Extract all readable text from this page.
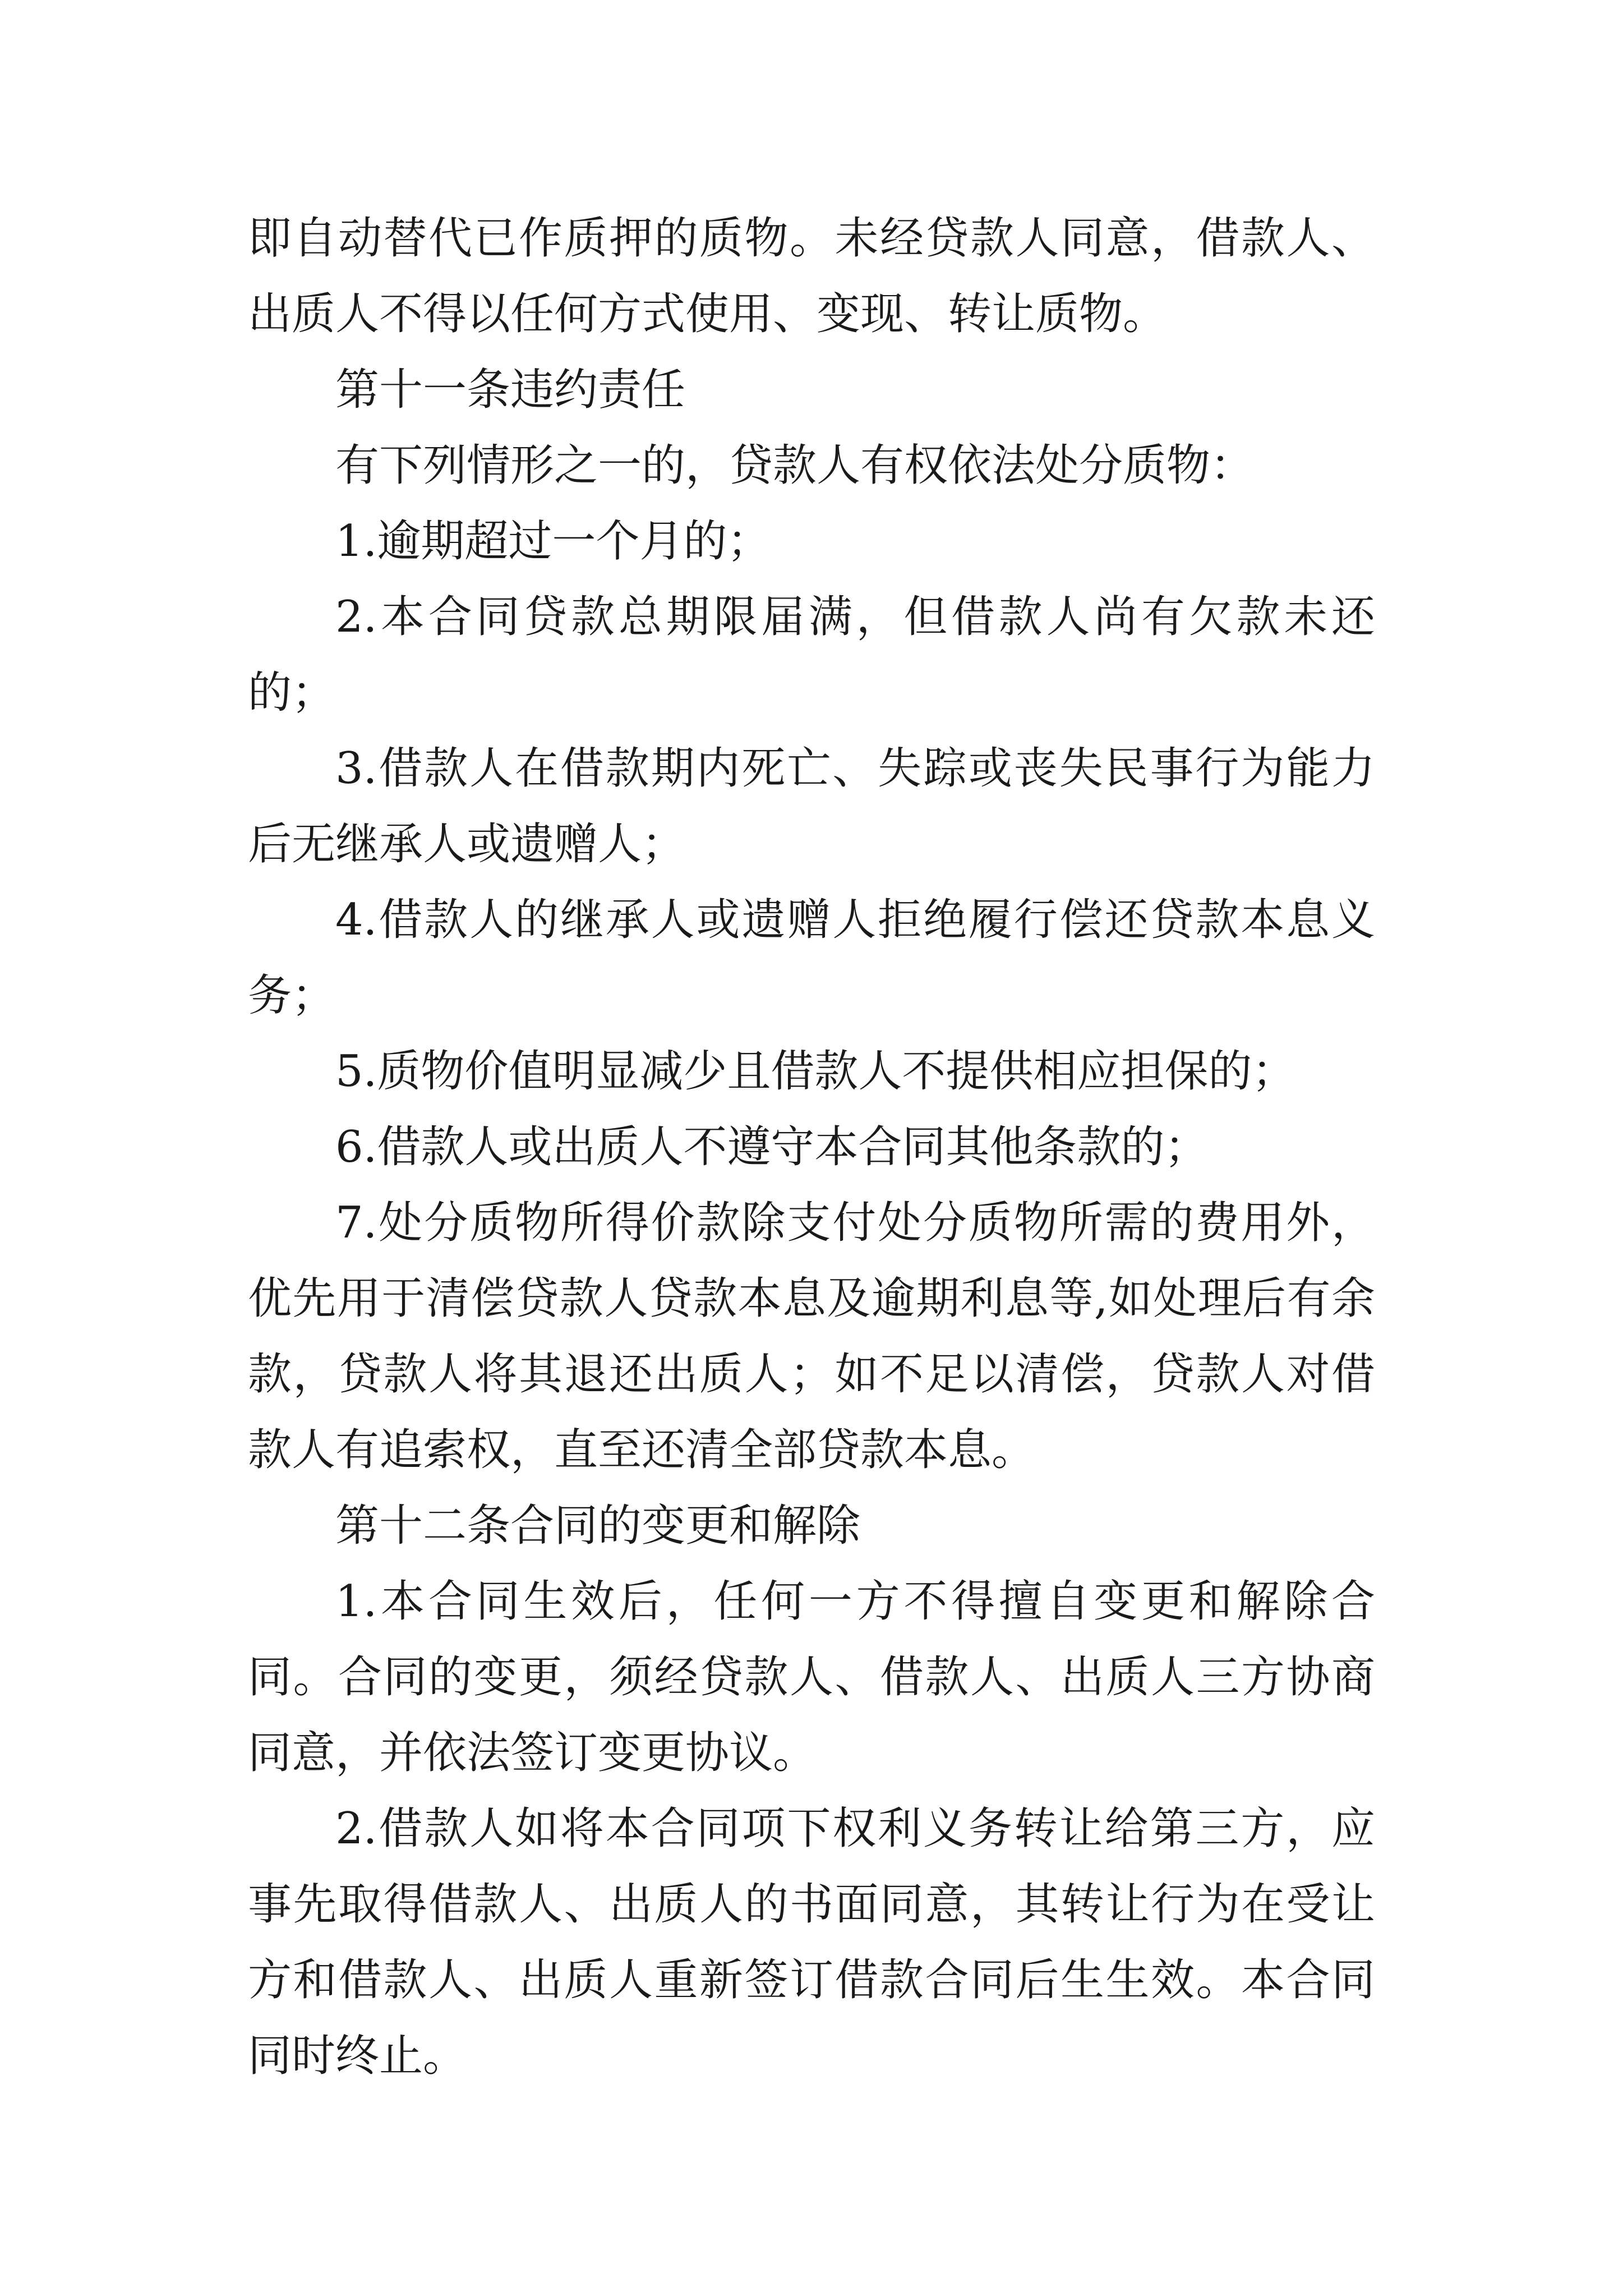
即自动替代已作质押的质物。未经贷款人同意，借款人、出质人不得以任何方式使用、变现、转让质物。

第十一条违约责任

有下列情形之一的，贷款人有权依法处分质物：

1.逾期超过一个月的；

2.本合同贷款总期限届满，但借款人尚有欠款未还的；

3.借款人在借款期内死亡、失踪或丧失民事行为能力后无继承人或遗赠人；

4.借款人的继承人或遗赠人拒绝履行偿还贷款本息义务；

5.质物价值明显减少且借款人不提供相应担保的；

6.借款人或出质人不遵守本合同其他条款的；

7.处分质物所得价款除支付处分质物所需的费用外，优先用于清偿贷款人贷款本息及逾期利息等,如处理后有余款，贷款人将其退还出质人；如不足以清偿，贷款人对借款人有追索权，直至还清全部贷款本息。

第十二条合同的变更和解除

1.本合同生效后，任何一方不得擅自变更和解除合同。合同的变更，须经贷款人、借款人、出质人三方协商同意，并依法签订变更协议。

2.借款人如将本合同项下权利义务转让给第三方，应事先取得借款人、出质人的书面同意，其转让行为在受让方和借款人、出质人重新签订借款合同后生生效。本合同同时终止。
